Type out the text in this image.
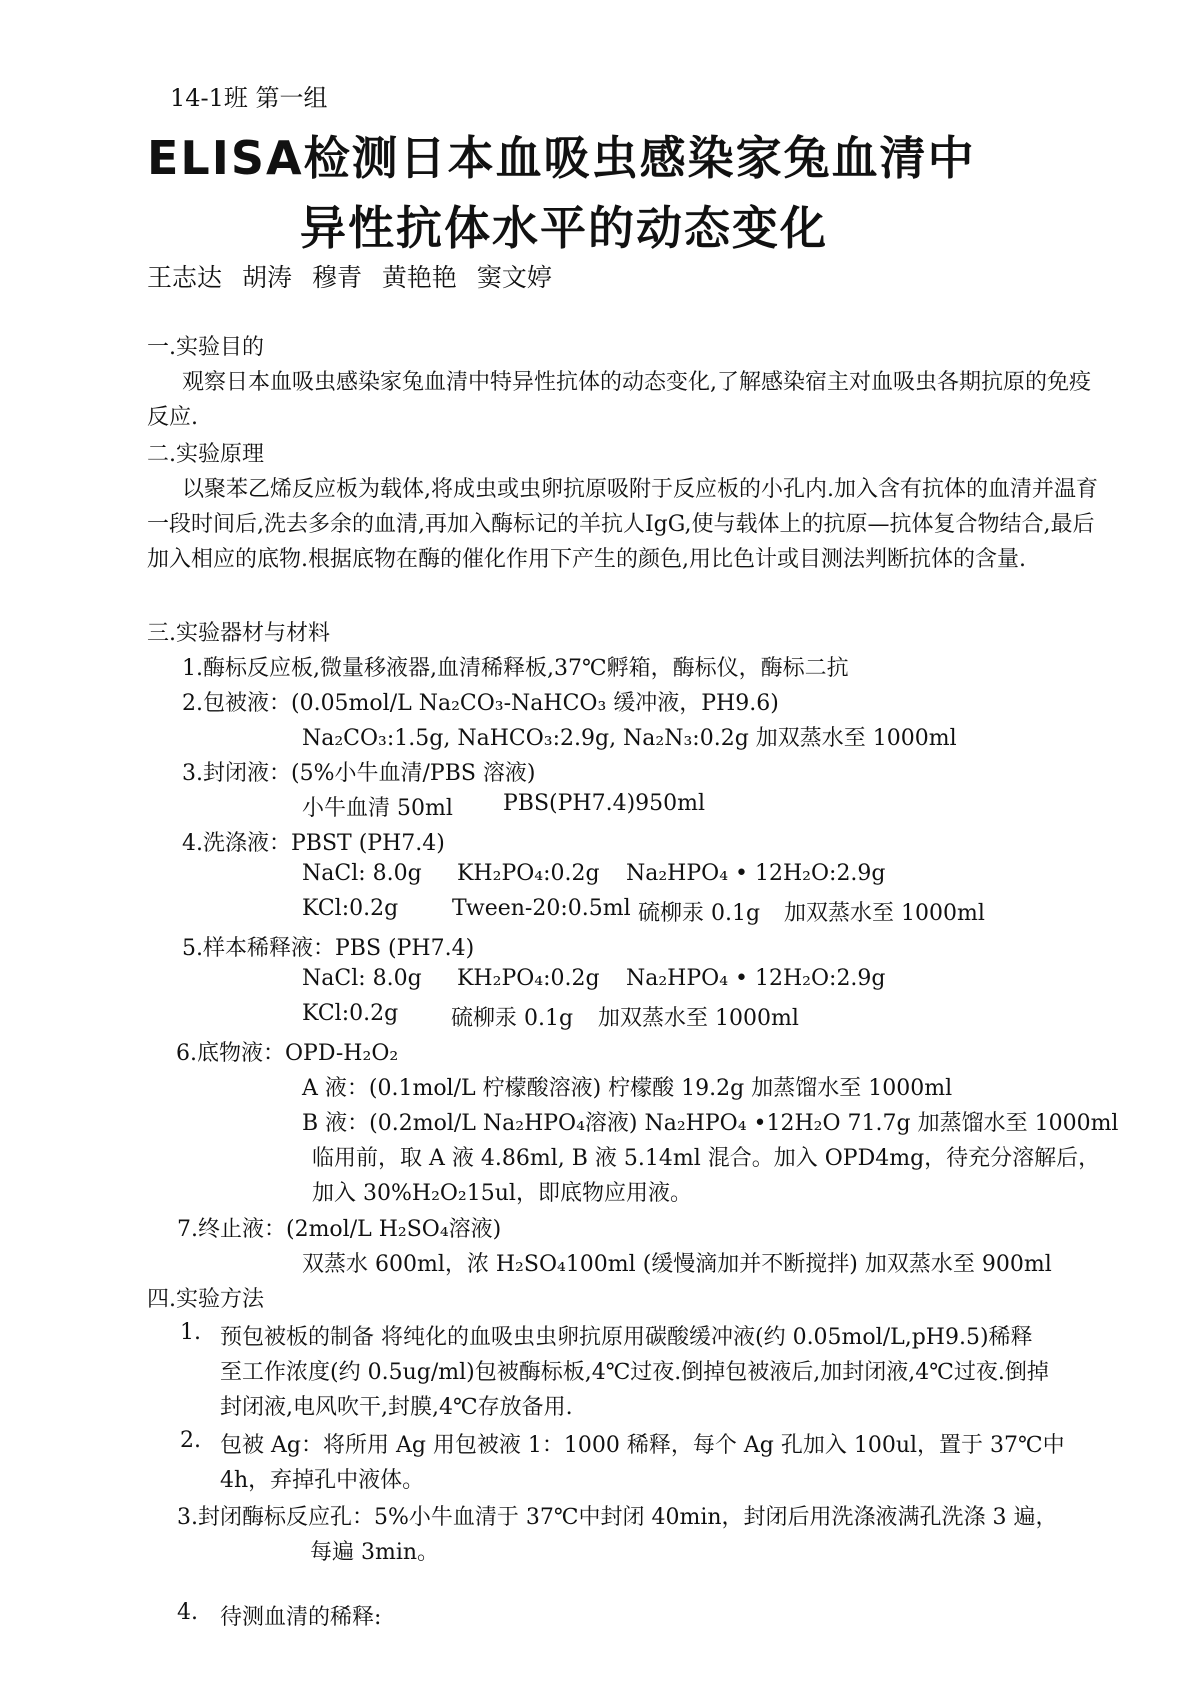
14-1班 第一组
ELISA检测日本血吸虫感染家兔血清中
异性抗体水平的动态变化
王志达 胡涛 穆青 黄艳艳 窦文婷
一.实验目的
观察日本血吸虫感染家兔血清中特异性抗体的动态变化,了解感染宿主对血吸虫各期抗原的免疫反应.
二.实验原理
以聚苯乙烯反应板为载体,将成虫或虫卵抗原吸附于反应板的小孔内.加入含有抗体的血清并温育一段时间后,洗去多余的血清,再加入酶标记的羊抗人IgG,使与载体上的抗原—抗体复合物结合,最后加入相应的底物.根据底物在酶的催化作用下产生的颜色,用比色计或目测法判断抗体的含量.
三.实验器材与材料
1.酶标反应板,微量移液器,血清稀释板,37℃孵箱，酶标仪，酶标二抗
2.包被液：(0.05mol/L Na₂CO₃-NaHCO₃ 缓冲液，PH9.6)
Na₂CO₃:1.5g, NaHCO₃:2.9g, Na₂N₃:0.2g 加双蒸水至 1000ml
3.封闭液：(5%小牛血清/PBS 溶液)
小牛血清 50ml PBS(PH7.4)950ml
4.洗涤液：PBST (PH7.4)
NaCl: 8.0g KH₂PO₄:0.2g Na₂HPO₄ • 12H₂O:2.9g
KCl:0.2g Tween-20:0.5ml 硫柳汞 0.1g 加双蒸水至 1000ml
5.样本稀释液：PBS (PH7.4)
NaCl: 8.0g KH₂PO₄:0.2g Na₂HPO₄ • 12H₂O:2.9g
KCl:0.2g 硫柳汞 0.1g 加双蒸水至 1000ml
6.底物液：OPD-H₂O₂
A 液：(0.1mol/L 柠檬酸溶液) 柠檬酸 19.2g 加蒸馏水至 1000ml
B 液：(0.2mol/L Na₂HPO₄溶液) Na₂HPO₄ •12H₂O 71.7g 加蒸馏水至 1000ml
临用前，取 A 液 4.86ml, B 液 5.14ml 混合。加入 OPD4mg，待充分溶解后，
加入 30%H₂O₂15ul，即底物应用液。
7.终止液：(2mol/L H₂SO₄溶液)
双蒸水 600ml，浓 H₂SO₄100ml (缓慢滴加并不断搅拌) 加双蒸水至 900ml
四.实验方法
1. 预包被板的制备 将纯化的血吸虫虫卵抗原用碳酸缓冲液(约 0.05mol/L,pH9.5)稀释
至工作浓度(约 0.5ug/ml)包被酶标板,4℃过夜.倒掉包被液后,加封闭液,4℃过夜.倒掉
封闭液,电风吹干,封膜,4℃存放备用.
2. 包被 Ag：将所用 Ag 用包被液 1：1000 稀释，每个 Ag 孔加入 100ul，置于 37℃中
4h，弃掉孔中液体。
3.封闭酶标反应孔：5%小牛血清于 37℃中封闭 40min，封闭后用洗涤液满孔洗涤 3 遍，
每遍 3min。
4. 待测血清的稀释:
